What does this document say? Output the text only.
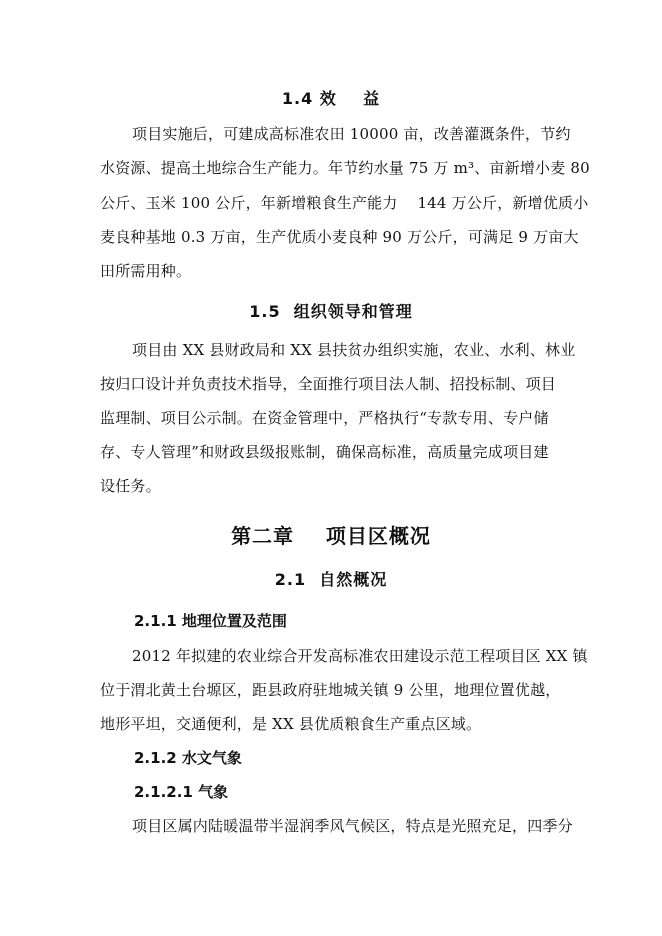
1.4 效    益
项目实施后，可建成高标准农田 10000 亩，改善灌溉条件，节约
水资源、提高土地综合生产能力。年节约水量 75 万 m³、亩新增小麦 80
公斤、玉米 100 公斤，年新增粮食生产能力    144 万公斤，新增优质小
麦良种基地 0.3 万亩，生产优质小麦良种 90 万公斤，可满足 9 万亩大
田所需用种。
1.5  组织领导和管理
项目由 XX 县财政局和 XX 县扶贫办组织实施，农业、水利、林业
按归口设计并负责技术指导，全面推行项目法人制、招投标制、项目
监理制、项目公示制。在资金管理中，严格执行“专款专用、专户储
存、专人管理”和财政县级报账制，确保高标准，高质量完成项目建
设任务。
第二章    项目区概况
2.1  自然概况
2.1.1 地理位置及范围
2012 年拟建的农业综合开发高标准农田建设示范工程项目区 XX 镇
位于渭北黄土台塬区，距县政府驻地城关镇 9 公里，地理位置优越，
地形平坦，交通便利，是 XX 县优质粮食生产重点区域。
2.1.2 水文气象
2.1.2.1 气象
项目区属内陆暖温带半湿润季风气候区，特点是光照充足，四季分
